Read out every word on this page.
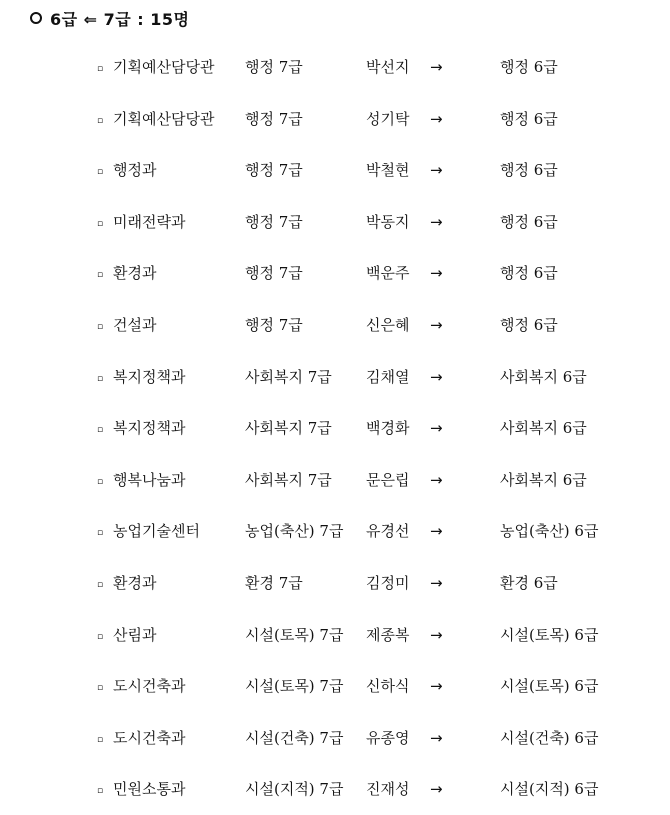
6급 ⇐ 7급 : 15명
▫ 기획예산담당관 행정 7급	박선지 →	행정 6급
▫ 기획예산담당관 행정 7급	성기탁 →	행정 6급
▫ 행정과	행정 7급	박철현 →	행정 6급
▫ 미래전략과	행정 7급	박동지 →	행정 6급
▫ 환경과	행정 7급	백운주 →	행정 6급
▫ 건설과	행정 7급	신은혜 →	행정 6급
▫ 복지정책과	사회복지 7급 김채열 →	사회복지 6급
▫ 복지정책과	사회복지 7급 백경화 →	사회복지 6급
▫ 행복나눔과	사회복지 7급 문은립 →	사회복지 6급
▫ 농업기술센터	농업(축산) 7급 유경선 →	농업(축산) 6급
▫ 환경과	환경 7급	김정미 →	환경 6급
▫ 산림과	시설(토목) 7급 제종복 →	시설(토목) 6급
▫ 도시건축과	시설(토목) 7급 신하식 →	시설(토목) 6급
▫ 도시건축과	시설(건축) 7급 유종영 →	시설(건축) 6급
▫ 민원소통과	시설(지적) 7급 진재성 →	시설(지적) 6급
